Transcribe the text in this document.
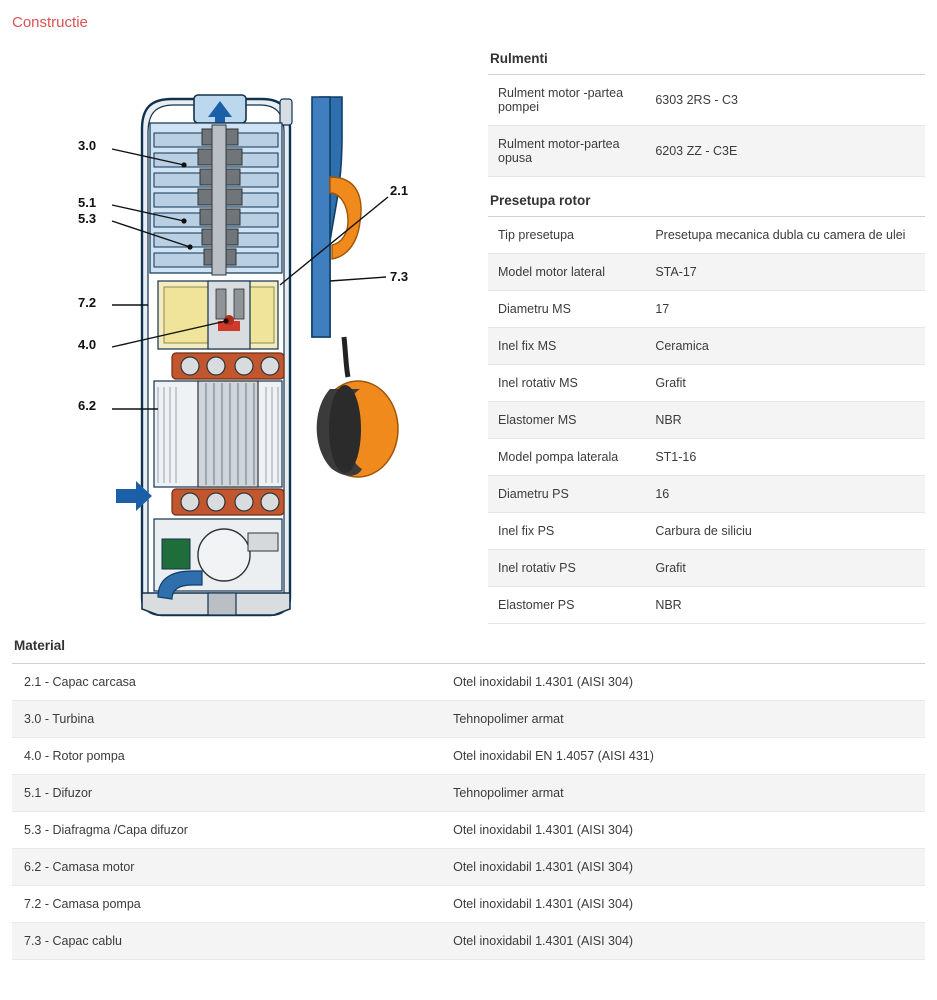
Constructie
3.0
5.1
5.3
7.2
4.0
6.2
2.1
7.3
Rulmenti
Rulment motor -partea pompei	6303 2RS - C3
Rulment motor-partea opusa	6203 ZZ - C3E
Presetupa rotor
Tip presetupa	Presetupa mecanica dubla cu camera de ulei
Model motor lateral	STA-17
Diametru MS	17
Inel fix MS	Ceramica
Inel rotativ MS	Grafit
Elastomer MS	NBR
Model pompa laterala	ST1-16
Diametru PS	16
Inel fix PS	Carbura de siliciu
Inel rotativ PS	Grafit
Elastomer PS	NBR
Material
2.1 - Capac carcasa	Otel inoxidabil 1.4301 (AISI 304)
3.0 - Turbina	Tehnopolimer armat
4.0 - Rotor pompa	Otel inoxidabil EN 1.4057 (AISI 431)
5.1 - Difuzor	Tehnopolimer armat
5.3 - Diafragma /Capa difuzor	Otel inoxidabil 1.4301 (AISI 304)
6.2 - Camasa motor	Otel inoxidabil 1.4301 (AISI 304)
7.2 - Camasa pompa	Otel inoxidabil 1.4301 (AISI 304)
7.3 - Capac cablu	Otel inoxidabil 1.4301 (AISI 304)
